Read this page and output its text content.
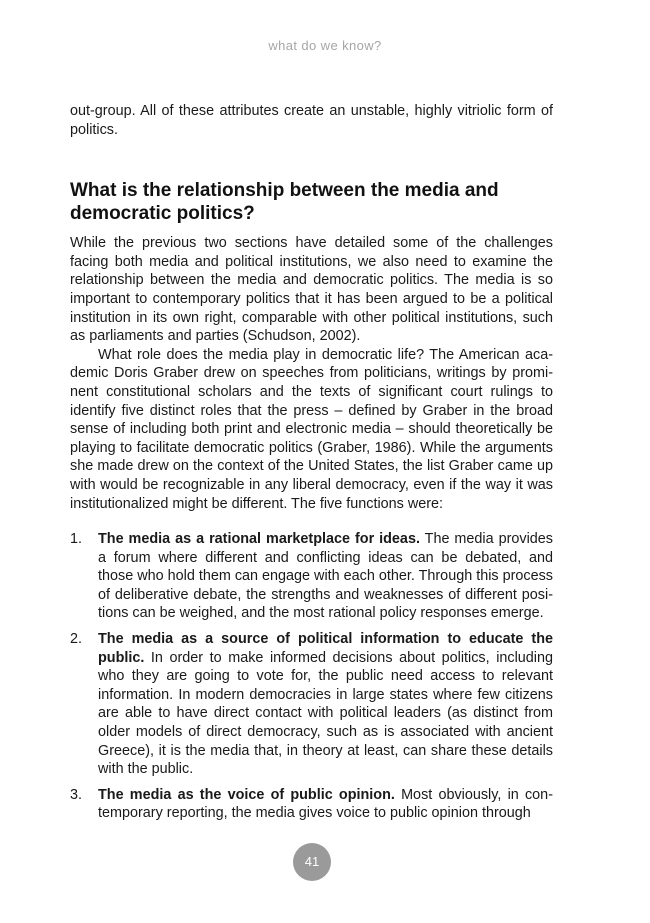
what do we know?

out-group. All of these attributes create an unstable, highly vitriolic form of politics.

What is the relationship between the media and democratic politics?

While the previous two sections have detailed some of the challenges facing both media and political institutions, we also need to examine the relationship between the media and democratic politics. The media is so important to contemporary politics that it has been argued to be a political institution in its own right, comparable with other political institutions, such as parliaments and parties (Schudson, 2002).

What role does the media play in democratic life? The American academic Doris Graber drew on speeches from politicians, writings by prominent constitutional scholars and the texts of significant court rulings to identify five distinct roles that the press – defined by Graber in the broad sense of including both print and electronic media – should theoretically be playing to facilitate democratic politics (Graber, 1986). While the arguments she made drew on the context of the United States, the list Graber came up with would be recognizable in any liberal democracy, even if the way it was institutionalized might be different. The five functions were:

1. The media as a rational marketplace for ideas. The media provides a forum where different and conflicting ideas can be debated, and those who hold them can engage with each other. Through this process of deliberative debate, the strengths and weaknesses of different positions can be weighed, and the most rational policy responses emerge.

2. The media as a source of political information to educate the public. In order to make informed decisions about politics, including who they are going to vote for, the public need access to relevant information. In modern democracies in large states where few citizens are able to have direct contact with political leaders (as distinct from older models of direct democracy, such as is associated with ancient Greece), it is the media that, in theory at least, can share these details with the public.

3. The media as the voice of public opinion. Most obviously, in contemporary reporting, the media gives voice to public opinion through

41
